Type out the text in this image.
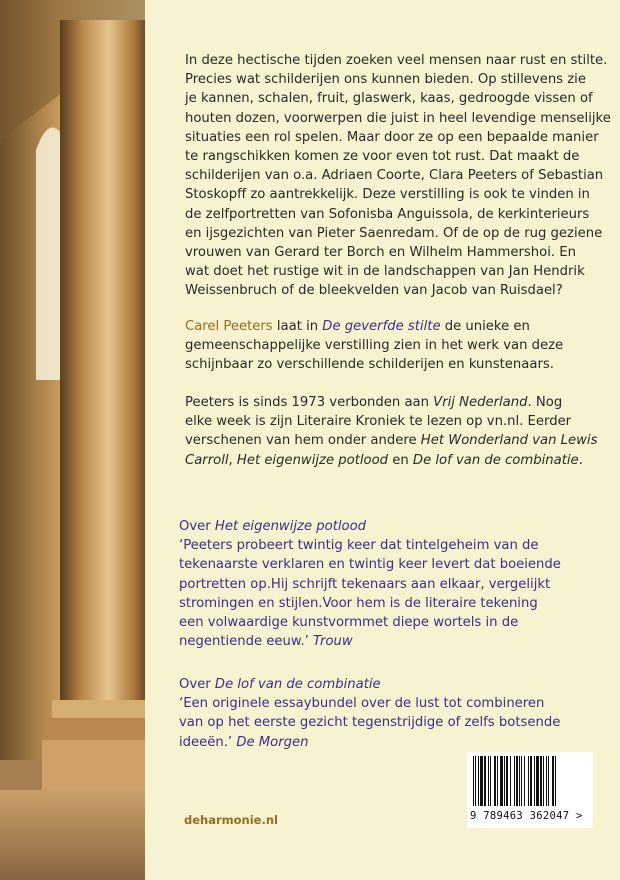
In deze hectische tijden zoeken veel mensen naar rust en stilte.
Precies wat schilderijen ons kunnen bieden. Op stillevens zie
je kannen, schalen, fruit, glaswerk, kaas, gedroogde vissen of
houten dozen, voorwerpen die juist in heel levendige menselijke
situaties een rol spelen. Maar door ze op een bepaalde manier
te rangschikken komen ze voor even tot rust. Dat maakt de
schilderijen van o.a. Adriaen Coorte, Clara Peeters of Sebastian
Stoskopff zo aantrekkelijk. Deze verstilling is ook te vinden in
de zelfportretten van Sofonisba Anguissola, de kerkinterieurs
en ijsgezichten van Pieter Saenredam. Of de op de rug geziene
vrouwen van Gerard ter Borch en Wilhelm Hammershoi. En
wat doet het rustige wit in de landschappen van Jan Hendrik
Weissenbruch of de bleekvelden van Jacob van Ruisdael?
Carel Peeters laat in De geverfde stilte de unieke en
gemeenschappelijke verstilling zien in het werk van deze
schijnbaar zo verschillende schilderijen en kunstenaars.
Peeters is sinds 1973 verbonden aan Vrij Nederland. Nog
elke week is zijn Literaire Kroniek te lezen op vn.nl. Eerder
verschenen van hem onder andere Het Wonderland van Lewis
Carroll, Het eigenwijze potlood en De lof van de combinatie.
Over Het eigenwijze potlood
‘Peeters probeert twintig keer dat tintelgeheim van de
tekenaarste verklaren en twintig keer levert dat boeiende
portretten op.Hij schrijft tekenaars aan elkaar, vergelijkt
stromingen en stijlen.Voor hem is de literaire tekening
een volwaardige kunstvormmet diepe wortels in de
negentiende eeuw.’ Trouw
Over De lof van de combinatie
‘Een originele essaybundel over de lust tot combineren
van op het eerste gezicht tegenstrijdige of zelfs botsende
ideeën.’ De Morgen
deharmonie.nl	9 789463 362047 >
